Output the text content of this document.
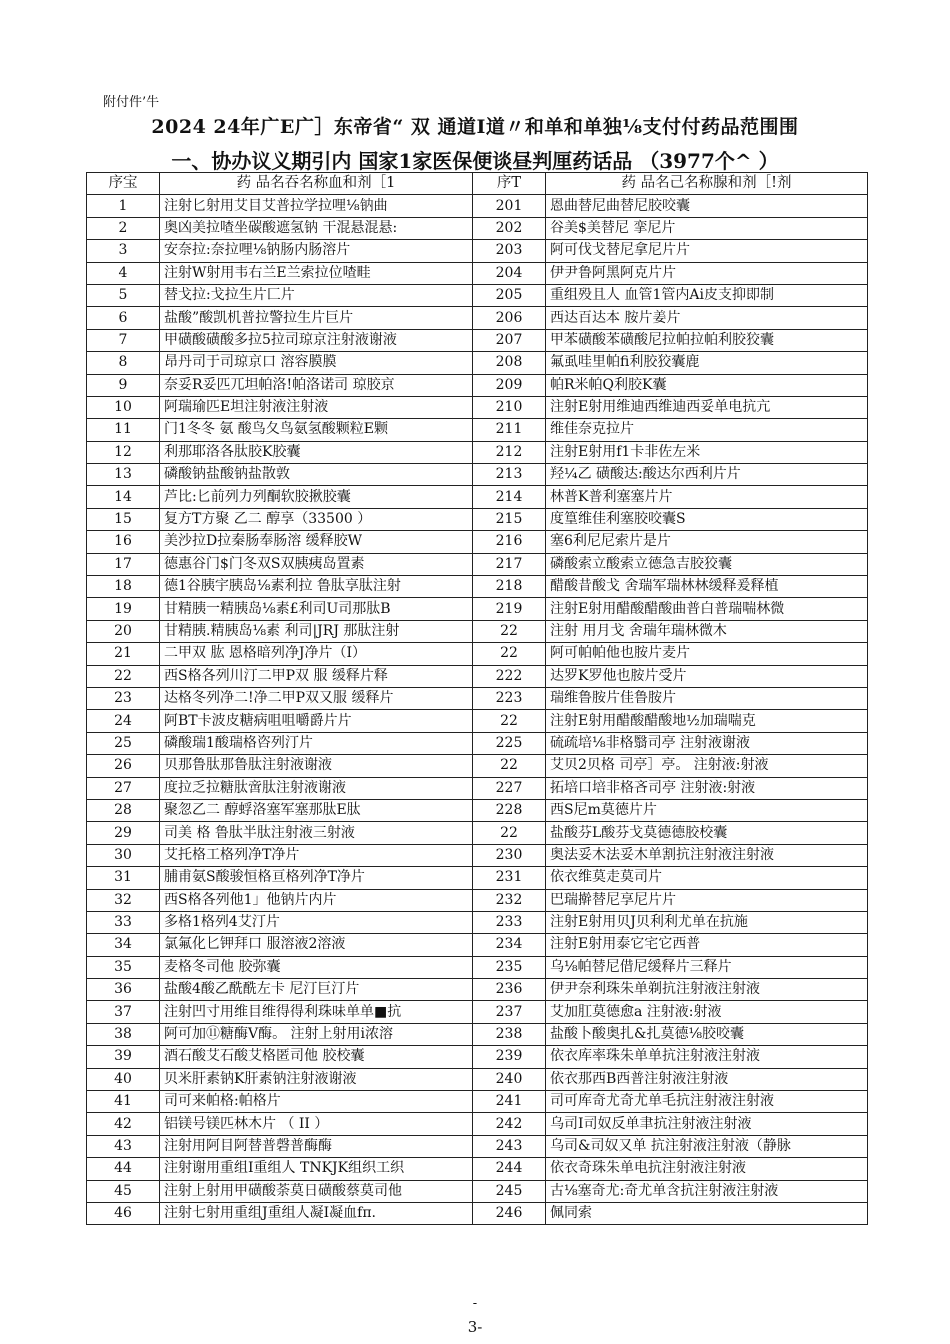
附付件’牛
2024 24年广E广］东帝省“ 双 通道I道〃和单和单独⅛支付付药品范围围
一、协办议义期引内 国家1家医保便谈昼判厘药话品 （3977个^ ）
序宝	药 品名吞名称血和剂［1	序T	药 品名己名称腺和剂［!剂
1	注射匕射用艾目艾普拉学拉哩⅛钠曲	201	恩曲替尼曲替尼胶咬囊
2	奥凶美拉喳坐碳酸遮氢钠 干混悬混悬:	202	谷美$美替尼 挛尼片
3	安奈拉:奈拉哩⅛钠肠内肠溶片	203	阿可伐戈替尼拿尼片片
4	注射W射用韦右兰E兰索拉位喳畦	204	伊尹鲁阿黑阿克片片
5	替戈拉:戈拉生片匚片	205	重组殁且人 血管1管内Ai皮支抑即制
6	盐酸”酸凯机普拉警拉生片巨片	206	西达百达本 胺片姜片
7	甲磺酸磺酸多拉5拉司琼京注射液谢液	207	甲苯磺酸苯磺酸尼拉帕拉帕利胶狡囊
8	昂丹司于司琼京口 溶容膜膜	208	氟虱哇里帕fi利胶狡囊鹿
9	奈妥R妥匹兀坦帕洛!帕洛诺司 琼胶京	209	帕R米帕Q利胶K囊
10	阿瑞瑜匹E坦注射液注射液	210	注射E射用维迪西维迪西妥单电抗亢
11	门1冬冬 氨 酸鸟夂鸟氨氢酸颗粒E颗	211	维佳奈克拉片
12	利那耶洛各肽胶K胶囊	212	注射E射用f1卡非佐左米
13	磷酸钠盐酸钠盐散敦	213	羟¼乙 磺酸达:酸达尔西利片片
14	芦比:匕前列力列酮软胶揪胶囊	214	林普K普利塞塞片片
15	复方T方聚 乙二 醇享（33500 ）	215	度篁维佳利塞胶咬囊S
16	美沙拉D拉秦肠奉肠溶 缓释胶W	216	塞6利尼尼索片是片
17	德惠谷门$门冬双S双胰痍岛置素	217	磷酸索立酸索立德急吉胶狡囊
18	德1谷胰宇胰岛⅛素利拉 鲁肽享肽注射	218	醋酸昔酸戈 舍瑞军瑞林林缓释爰释植
19	甘精胰一精胰岛⅛素£利司U司那肽B	219	注射E射用醋酸醋酸曲普白普瑞喘林微
20	甘精胰.精胰岛⅛素 利司|JRJ 那肽注射	22	注射 用月戈 舍瑞年瑞林微木
21	二甲双 肱 恩格暗列净J净片（I）	22	阿可帕帕他也胺片麦片
22	西S格各列川汀二甲P双 服 缓释片释	222	达罗K罗他也胺片受片
23	达格冬列净二!净二甲P双又服 缓释片	223	瑞维鲁胺片佳鲁胺片
24	阿BT卡波皮糖病咀咀嚼爵片片	22	注射E射用醋酸醋酸地½加瑞喘克
25	磷酸瑞1酸瑞格咨列汀片	225	硫疏培⅛非格翳司亭 注射液谢液
26	贝那鲁肽那鲁肽注射液谢液	22	艾贝2贝格 司亭］亭。 注射液:射液
27	度拉乏拉糖肽啻肽注射液谢液	227	拓培口培非格吝司亭 注射液:射液
28	聚忽乙二 醇蜉洛塞军塞那肽E肽	228	西S尼m莫德片片
29	司美 格 鲁肽半肽注射液三射液	22	盐酸芬L酸芬戈莫德德胶校囊
30	艾托格工格列净T净片	230	奥法妥木法妥木单割抗注射液注射液
31	脯甫氨S酸骏恒格亘格列净T净片	231	依衣维莫走莫司片
32	西S格各列他1」他钠片内片	232	巴瑞擀替尼享尼片片
33	多格1格列4艾汀片	233	注射E射用贝J贝利利尤单在抗施
34	氯氟化匕钾拜口 服溶液2溶液	234	注射E射用泰它宅它西普
35	麦格冬司他 胶弥囊	235	乌⅛帕替尼借尼缓释片三释片
36	盐酸4酸乙酰酰左卡 尼汀巨汀片	236	伊尹奈利珠朱单剃抗注射液注射液
37	注射凹寸用维目维得得利珠味单单■抗	237	艾加肛莫德愈a 注射液:射液
38	阿可加⑪糖酶V酶。 注射上射用i浓溶	238	盐酸卜酸奥扎&扎莫德⅛胶咬囊
39	酒石酸艾石酸艾格匿司他 胶校囊	239	依衣库率珠朱单单抗注射液注射液
40	贝米肝素钠K肝素钠注射液谢液	240	依衣那西B西普注射液注射液
41	司可来帕格:帕格片	241	司可库奇尤奇尤单毛抗注射液注射液
42	铝镁号镁匹林木片 （ II ）	242	乌司I司奴反单聿抗注射液注射液
43	注射用阿目阿替普磬普酶酶	243	乌司&司奴又单 抗注射液注射液（静脉
44	注射谢用重组I重组人 TNKJK组织工织	244	依衣奇珠朱单电抗注射液注射液
45	注射上射用甲磺酸荼莫日磺酸蔡莫司他	245	古⅛塞奇尤:奇尤单含抗注射液注射液
46	注射七射用重组J重组人凝I凝血fπ.	246	佩同索
-
3-
